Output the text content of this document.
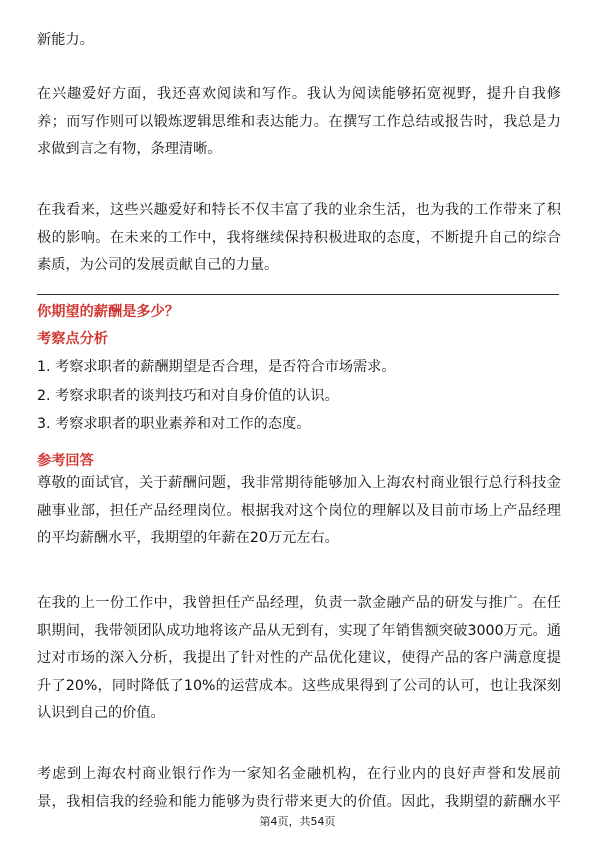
新能力。

在兴趣爱好方面，我还喜欢阅读和写作。我认为阅读能够拓宽视野，提升自我修
养；而写作则可以锻炼逻辑思维和表达能力。在撰写工作总结或报告时，我总是力
求做到言之有物，条理清晰。

在我看来，这些兴趣爱好和特长不仅丰富了我的业余生活，也为我的工作带来了积
极的影响。在未来的工作中，我将继续保持积极进取的态度，不断提升自己的综合
素质，为公司的发展贡献自己的力量。

你期望的薪酬是多少？

考察点分析

1. 考察求职者的薪酬期望是否合理，是否符合市场需求。

2. 考察求职者的谈判技巧和对自身价值的认识。

3. 考察求职者的职业素养和对工作的态度。

参考回答

尊敬的面试官，关于薪酬问题，我非常期待能够加入上海农村商业银行总行科技金
融事业部，担任产品经理岗位。根据我对这个岗位的理解以及目前市场上产品经理
的平均薪酬水平，我期望的年薪在20万元左右。

在我的上一份工作中，我曾担任产品经理，负责一款金融产品的研发与推广。在任
职期间，我带领团队成功地将该产品从无到有，实现了年销售额突破3000万元。通
过对市场的深入分析，我提出了针对性的产品优化建议，使得产品的客户满意度提
升了20%，同时降低了10%的运营成本。这些成果得到了公司的认可，也让我深刻
认识到自己的价值。

考虑到上海农村商业银行作为一家知名金融机构，在行业内的良好声誉和发展前
景，我相信我的经验和能力能够为贵行带来更大的价值。因此，我期望的薪酬水平

第4页，共54页
